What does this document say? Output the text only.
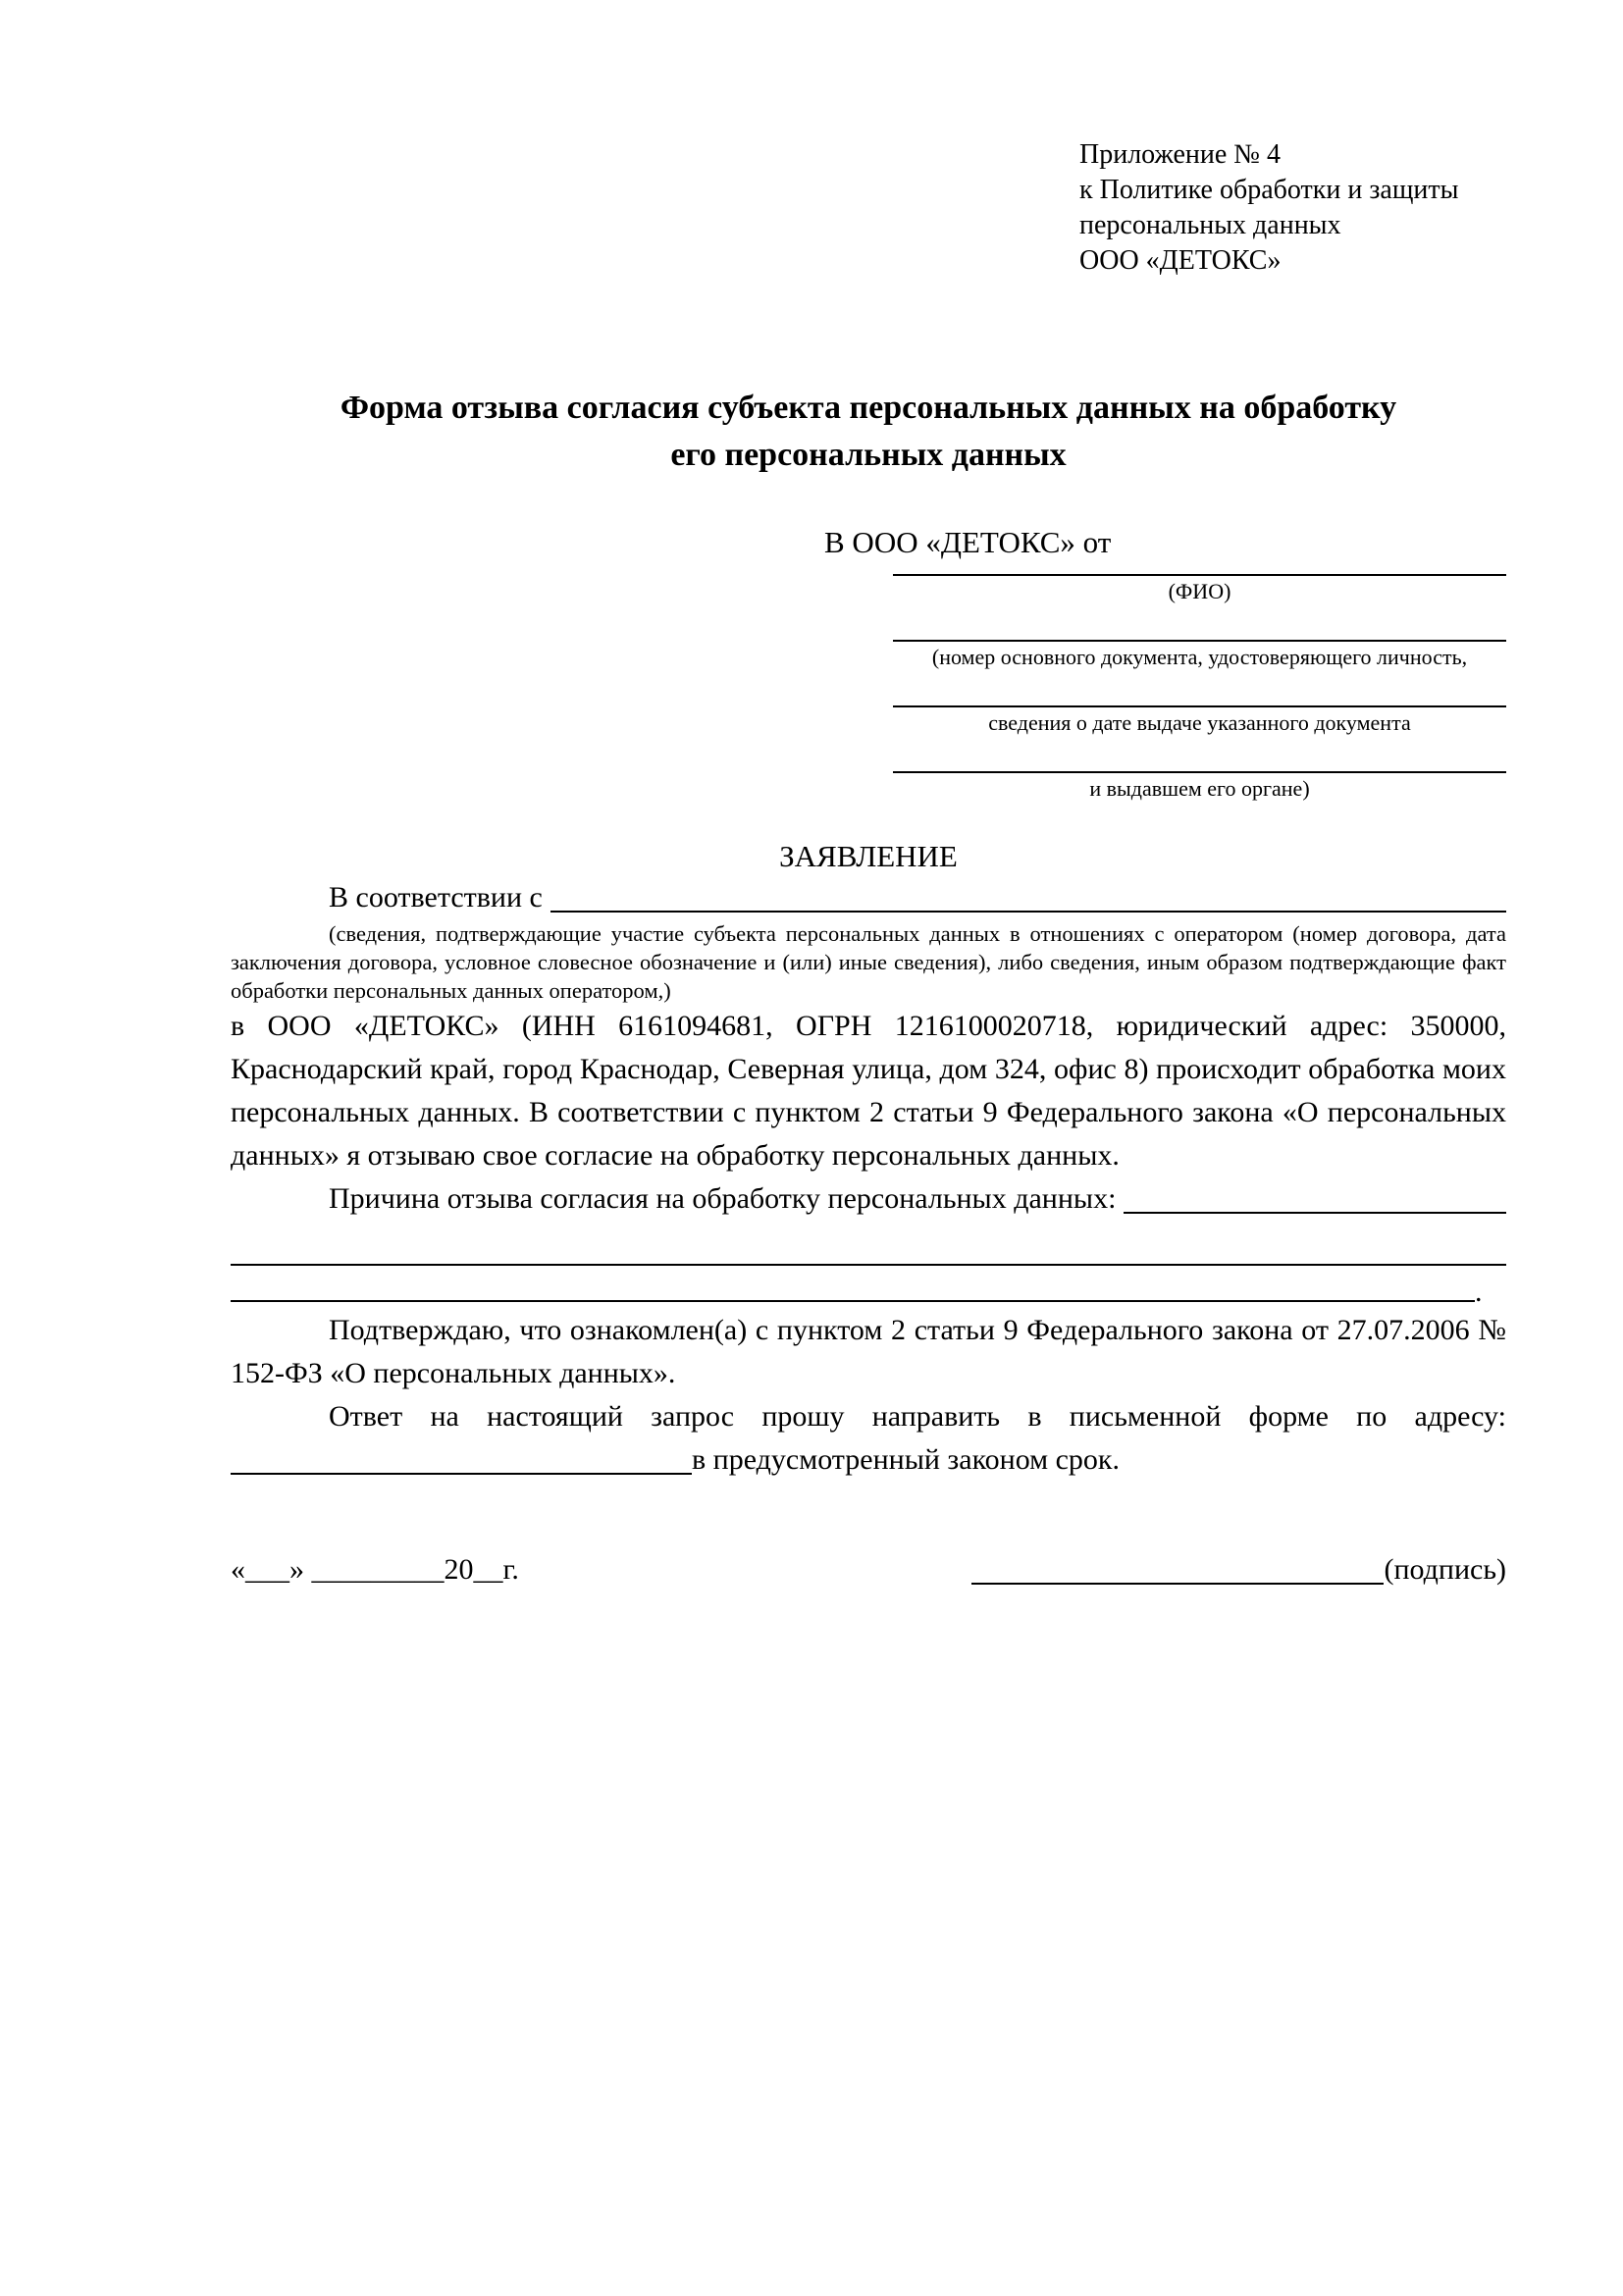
Приложение № 4
к Политике обработки и защиты
персональных данных
ООО «ДЕТОКС»
Форма отзыва согласия субъекта персональных данных на обработку
его персональных данных
В ООО «ДЕТОКС» от
(ФИО)
(номер основного документа, удостоверяющего личность,
сведения о дате выдаче указанного документа
и выдавшем его органе)
ЗАЯВЛЕНИЕ
В соответствии с

(сведения, подтверждающие участие субъекта персональных данных в отношениях с оператором (номер договора, дата заключения договора, условное словесное обозначение и (или) иные сведения), либо сведения, иным образом подтверждающие факт обработки персональных данных оператором,)

в ООО «ДЕТОКС» (ИНН 6161094681, ОГРН 1216100020718, юридический адрес: 350000, Краснодарский край, город Краснодар, Северная улица, дом 324, офис 8) происходит обработка моих персональных данных. В соответствии с пунктом 2 статьи 9 Федерального закона «О персональных данных» я отзываю свое согласие на обработку персональных данных.

Причина отзыва согласия на обработку персональных данных:
.

Подтверждаю, что ознакомлен(а) с пунктом 2 статьи 9 Федерального закона от 27.07.2006 № 152-ФЗ «О персональных данных».

Ответ на настоящий запрос прошу направить в письменной форме по адресу:

в предусмотренный законом срок.
«___» _________20__г.	(подпись)
